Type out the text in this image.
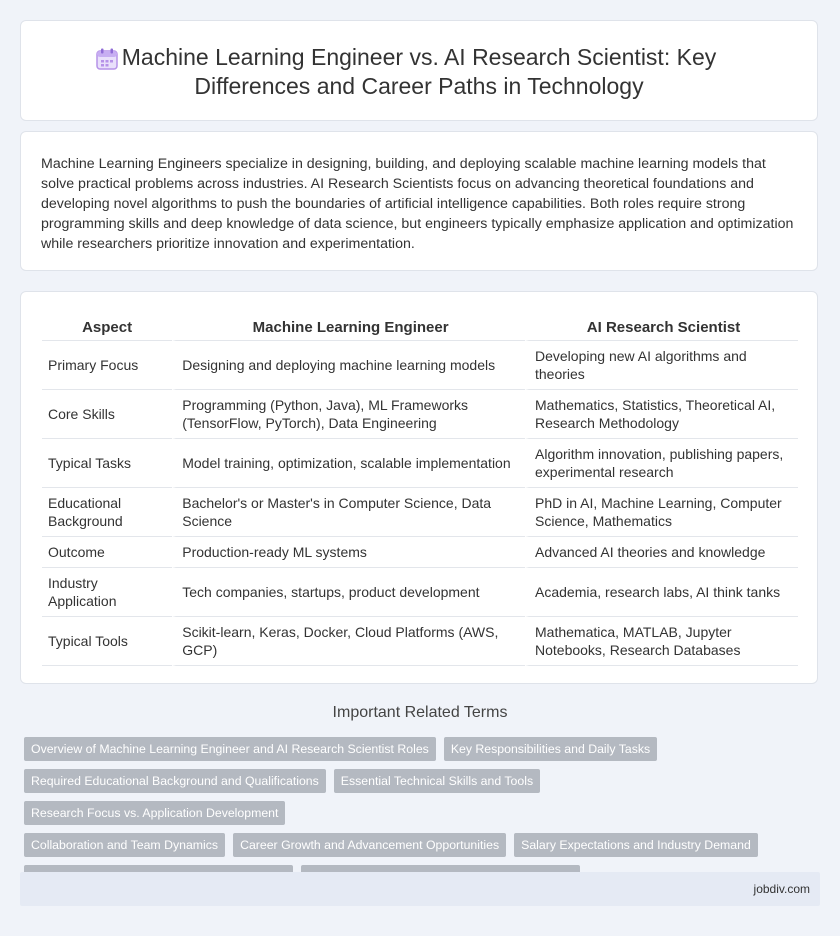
Machine Learning Engineer vs. AI Research Scientist: Key Differences and Career Paths in Technology

Machine Learning Engineers specialize in designing, building, and deploying scalable machine learning models that solve practical problems across industries. AI Research Scientists focus on advancing theoretical foundations and developing novel algorithms to push the boundaries of artificial intelligence capabilities. Both roles require strong programming skills and deep knowledge of data science, but engineers typically emphasize application and optimization while researchers prioritize innovation and experimentation.

Aspect	Machine Learning Engineer	AI Research Scientist
Primary Focus	Designing and deploying machine learning models	Developing new AI algorithms and theories
Core Skills	Programming (Python, Java), ML Frameworks (TensorFlow, PyTorch), Data Engineering	Mathematics, Statistics, Theoretical AI, Research Methodology
Typical Tasks	Model training, optimization, scalable implementation	Algorithm innovation, publishing papers, experimental research
Educational Background	Bachelor's or Master's in Computer Science, Data Science	PhD in AI, Machine Learning, Computer Science, Mathematics
Outcome	Production-ready ML systems	Advanced AI theories and knowledge
Industry Application	Tech companies, startups, product development	Academia, research labs, AI think tanks
Typical Tools	Scikit-learn, Keras, Docker, Cloud Platforms (AWS, GCP)	Mathematica, MATLAB, Jupyter Notebooks, Research Databases
Important Related Terms
Overview of Machine Learning Engineer and AI Research Scientist Roles	Key Responsibilities and Daily Tasks
Required Educational Background and Qualifications	Essential Technical Skills and Tools
Research Focus vs. Application Development
Collaboration and Team Dynamics	Career Growth and Advancement Opportunities	Salary Expectations and Industry Demand
jobdiv.com
